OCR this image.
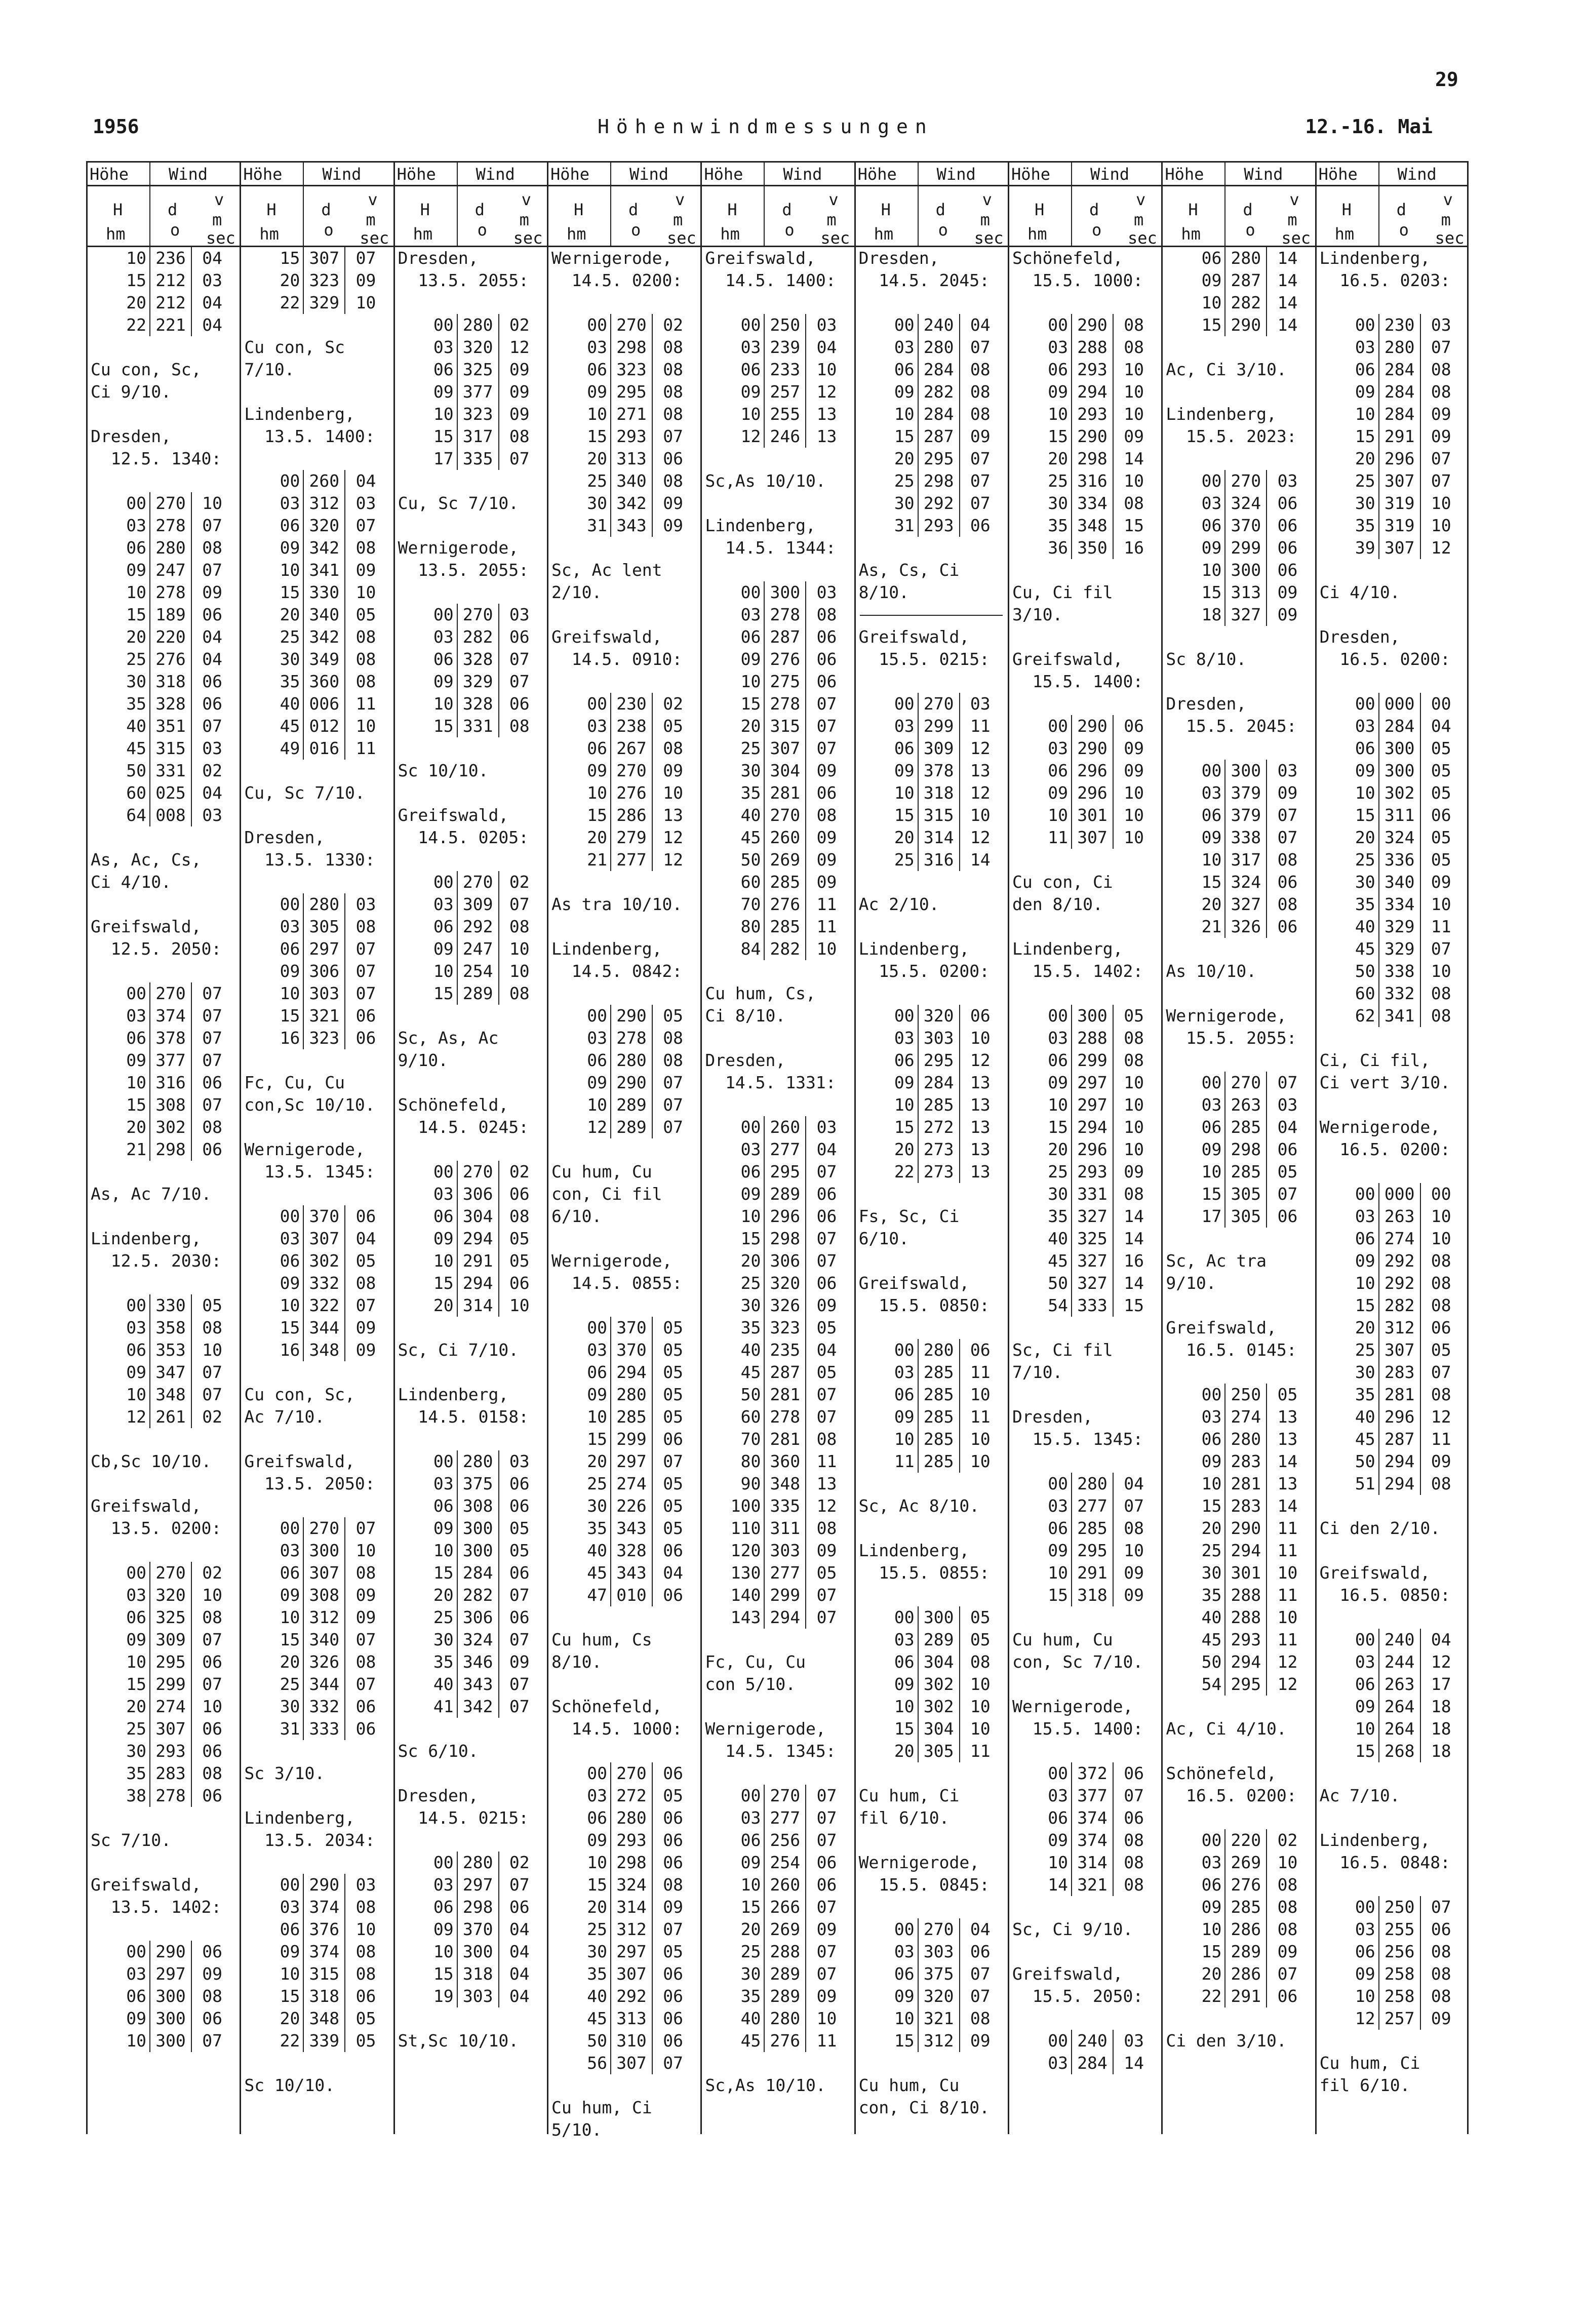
29
1956	Höhenwindmessungen	12.-16. Mai
Höhe Wind
H
hm
d
o
v
m
sec
10 236 04
15 212 03
20 212 04
22 221 04
Cu con, Sc,
Ci 9/10.
Dresden,
12.5. 1340:
00 270 10
03 278 07
06 280 08
09 247 07
10 278 09
15 189 06
20 220 04
25 276 04
30 318 06
35 328 06
40 351 07
45 315 03
50 331 02
60 025 04
64 008 03
As, Ac, Cs,
Ci 4/10.
Greifswald,
12.5. 2050:
00 270 07
03 374 07
06 378 07
09 377 07
10 316 06
15 308 07
20 302 08
21 298 06
As, Ac 7/10.
Lindenberg,
12.5. 2030:
00 330 05
03 358 08
06 353 10
09 347 07
10 348 07
12 261 02
Cb,Sc 10/10.
Greifswald,
13.5. 0200:
00 270 02
03 320 10
06 325 08
09 309 07
10 295 06
15 299 07
20 274 10
25 307 06
30 293 06
35 283 08
38 278 06
Sc 7/10.
Greifswald,
13.5. 1402:
00 290 06
03 297 09
06 300 08
09 300 06
10 300 07
Höhe Wind
H
hm
d
o
v
m
sec
15 307 07
20 323 09
22 329 10
Cu con, Sc
7/10.
Lindenberg,
13.5. 1400:
00 260 04
03 312 03
06 320 07
09 342 08
10 341 09
15 330 10
20 340 05
25 342 08
30 349 08
35 360 08
40 006 11
45 012 10
49 016 11
Cu, Sc 7/10.
Dresden,
13.5. 1330:
00 280 03
03 305 08
06 297 07
09 306 07
10 303 07
15 321 06
16 323 06
Fc, Cu, Cu
con,Sc 10/10.
Wernigerode,
13.5. 1345:
00 370 06
03 307 04
06 302 05
09 332 08
10 322 07
15 344 09
16 348 09
Cu con, Sc,
Ac 7/10.
Greifswald,
13.5. 2050:
00 270 07
03 300 10
06 307 08
09 308 09
10 312 09
15 340 07
20 326 08
25 344 07
30 332 06
31 333 06
Sc 3/10.
Lindenberg,
13.5. 2034:
00 290 03
03 374 08
06 376 10
09 374 08
10 315 08
15 318 06
20 348 05
22 339 05
Sc 10/10.
Höhe Wind
H
hm
d
o
v
m
sec
Dresden,
13.5. 2055:
00 280 02
03 320 12
06 325 09
09 377 09
10 323 09
15 317 08
17 335 07
Cu, Sc 7/10.
Wernigerode,
13.5. 2055:
00 270 03
03 282 06
06 328 07
09 329 07
10 328 06
15 331 08
Sc 10/10.
Greifswald,
14.5. 0205:
00 270 02
03 309 07
06 292 08
09 247 10
10 254 10
15 289 08
Sc, As, Ac
9/10.
Schönefeld,
14.5. 0245:
00 270 02
03 306 06
06 304 08
09 294 05
10 291 05
15 294 06
20 314 10
Sc, Ci 7/10.
Lindenberg,
14.5. 0158:
00 280 03
03 375 06
06 308 06
09 300 05
10 300 05
15 284 06
20 282 07
25 306 06
30 324 07
35 346 09
40 343 07
41 342 07
Sc 6/10.
Dresden,
14.5. 0215:
00 280 02
03 297 07
06 298 06
09 370 04
10 300 04
15 318 04
19 303 04
St,Sc 10/10.
Höhe Wind
H
hm
d
o
v
m
sec
Wernigerode,
14.5. 0200:
00 270 02
03 298 08
06 323 08
09 295 08
10 271 08
15 293 07
20 313 06
25 340 08
30 342 09
31 343 09
Sc, Ac lent
2/10.
Greifswald,
14.5. 0910:
00 230 02
03 238 05
06 267 08
09 270 09
10 276 10
15 286 13
20 279 12
21 277 12
As tra 10/10.
Lindenberg,
14.5. 0842:
00 290 05
03 278 08
06 280 08
09 290 07
10 289 07
12 289 07
Cu hum, Cu
con, Ci fil
6/10.
Wernigerode,
14.5. 0855:
00 370 05
03 370 05
06 294 05
09 280 05
10 285 05
15 299 06
20 297 07
25 274 05
30 226 05
35 343 05
40 328 06
45 343 04
47 010 06
Cu hum, Cs
8/10.
Schönefeld,
14.5. 1000:
00 270 06
03 272 05
06 280 06
09 293 06
10 298 06
15 324 08
20 314 09
25 312 07
30 297 05
35 307 06
40 292 06
45 313 06
50 310 06
56 307 07
Cu hum, Ci
5/10.
Höhe Wind
H
hm
d
o
v
m
sec
Greifswald,
14.5. 1400:
00 250 03
03 239 04
06 233 10
09 257 12
10 255 13
12 246 13
Sc,As 10/10.
Lindenberg,
14.5. 1344:
00 300 03
03 278 08
06 287 06
09 276 06
10 275 06
15 278 07
20 315 07
25 307 07
30 304 09
35 281 06
40 270 08
45 260 09
50 269 09
60 285 09
70 276 11
80 285 11
84 282 10
Cu hum, Cs,
Ci 8/10.
Dresden,
14.5. 1331:
00 260 03
03 277 04
06 295 07
09 289 06
10 296 06
15 298 07
20 306 07
25 320 06
30 326 09
35 323 05
40 235 04
45 287 05
50 281 07
60 278 07
70 281 08
80 360 11
90 348 13
100 335 12
110 311 08
120 303 09
130 277 05
140 299 07
143 294 07
Fc, Cu, Cu
con 5/10.
Wernigerode,
14.5. 1345:
00 270 07
03 277 07
06 256 07
09 254 06
10 260 06
15 266 07
20 269 09
25 288 07
30 289 07
35 289 09
40 280 10
45 276 11
Sc,As 10/10.
Höhe Wind
H
hm
d
o
v
m
sec
Dresden,
14.5. 2045:
00 240 04
03 280 07
06 284 08
09 282 08
10 284 08
15 287 09
20 295 07
25 298 07
30 292 07
31 293 06
As, Cs, Ci
8/10.
Greifswald,
15.5. 0215:
00 270 03
03 299 11
06 309 12
09 378 13
10 318 12
15 315 10
20 314 12
25 316 14
Ac 2/10.
Lindenberg,
15.5. 0200:
00 320 06
03 303 10
06 295 12
09 284 13
10 285 13
15 272 13
20 273 13
22 273 13
Fs, Sc, Ci
6/10.
Greifswald,
15.5. 0850:
00 280 06
03 285 11
06 285 10
09 285 11
10 285 10
11 285 10
Sc, Ac 8/10.
Lindenberg,
15.5. 0855:
00 300 05
03 289 05
06 304 08
09 302 10
10 302 10
15 304 10
20 305 11
Cu hum, Ci
fil 6/10.
Wernigerode,
15.5. 0845:
00 270 04
03 303 06
06 375 07
09 320 07
10 321 08
15 312 09
Cu hum, Cu
con, Ci 8/10.
Höhe Wind
H
hm
d
o
v
m
sec
Schönefeld,
15.5. 1000:
00 290 08
03 288 08
06 293 10
09 294 10
10 293 10
15 290 09
20 298 14
25 316 10
30 334 08
35 348 15
36 350 16
Cu, Ci fil
3/10.
Greifswald,
15.5. 1400:
00 290 06
03 290 09
06 296 09
09 296 10
10 301 10
11 307 10
Cu con, Ci
den 8/10.
Lindenberg,
15.5. 1402:
00 300 05
03 288 08
06 299 08
09 297 10
10 297 10
15 294 10
20 296 10
25 293 09
30 331 08
35 327 14
40 325 14
45 327 16
50 327 14
54 333 15
Sc, Ci fil
7/10.
Dresden,
15.5. 1345:
00 280 04
03 277 07
06 285 08
09 295 10
10 291 09
15 318 09
Cu hum, Cu
con, Sc 7/10.
Wernigerode,
15.5. 1400:
00 372 06
03 377 07
06 374 06
09 374 08
10 314 08
14 321 08
Sc, Ci 9/10.
Greifswald,
15.5. 2050:
00 240 03
03 284 14
Höhe Wind
H
hm
d
o
v
m
sec
06 280 14
09 287 14
10 282 14
15 290 14
Ac, Ci 3/10.
Lindenberg,
15.5. 2023:
00 270 03
03 324 06
06 370 06
09 299 06
10 300 06
15 313 09
18 327 09
Sc 8/10.
Dresden,
15.5. 2045:
00 300 03
03 379 09
06 379 07
09 338 07
10 317 08
15 324 06
20 327 08
21 326 06
As 10/10.
Wernigerode,
15.5. 2055:
00 270 07
03 263 03
06 285 04
09 298 06
10 285 05
15 305 07
17 305 06
Sc, Ac tra
9/10.
Greifswald,
16.5. 0145:
00 250 05
03 274 13
06 280 13
09 283 14
10 281 13
15 283 14
20 290 11
25 294 11
30 301 10
35 288 11
40 288 10
45 293 11
50 294 12
54 295 12
Ac, Ci 4/10.
Schönefeld,
16.5. 0200:
00 220 02
03 269 10
06 276 08
09 285 08
10 286 08
15 289 09
20 286 07
22 291 06
Ci den 3/10.
Höhe Wind
H
hm
d
o
v
m
sec
Lindenberg,
16.5. 0203:
00 230 03
03 280 07
06 284 08
09 284 08
10 284 09
15 291 09
20 296 07
25 307 07
30 319 10
35 319 10
39 307 12
Ci 4/10.
Dresden,
16.5. 0200:
00 000 00
03 284 04
06 300 05
09 300 05
10 302 05
15 311 06
20 324 05
25 336 05
30 340 09
35 334 10
40 329 11
45 329 07
50 338 10
60 332 08
62 341 08
Ci, Ci fil,
Ci vert 3/10.
Wernigerode,
16.5. 0200:
00 000 00
03 263 10
06 274 10
09 292 08
10 292 08
15 282 08
20 312 06
25 307 05
30 283 07
35 281 08
40 296 12
45 287 11
50 294 09
51 294 08
Ci den 2/10.
Greifswald,
16.5. 0850:
00 240 04
03 244 12
06 263 17
09 264 18
10 264 18
15 268 18
Ac 7/10.
Lindenberg,
16.5. 0848:
00 250 07
03 255 06
06 256 08
09 258 08
10 258 08
12 257 09
Cu hum, Ci
fil 6/10.
